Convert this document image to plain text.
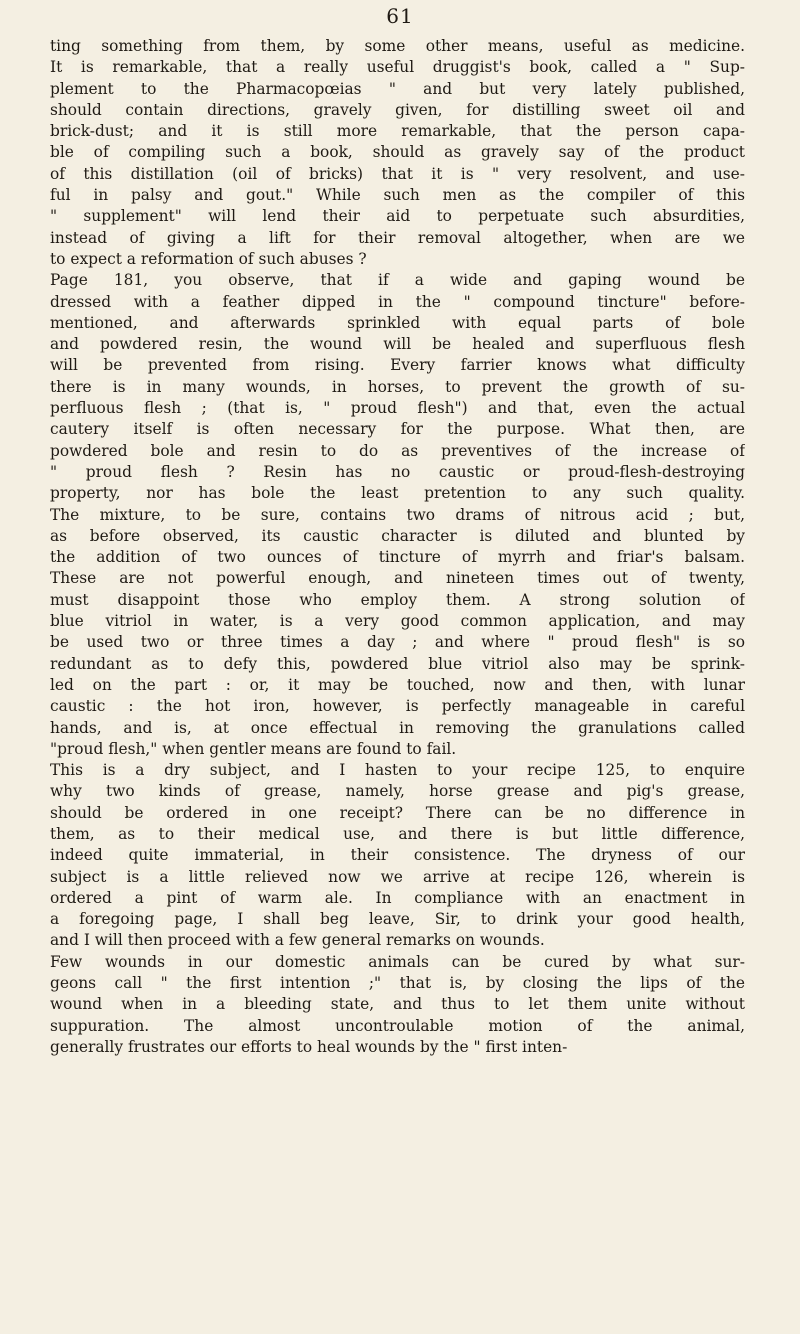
61
ting something from them, by some other means, useful as medicine.
It is remarkable, that a really useful druggist's book, called a " Sup-
plement to the Pharmacopœias " and but very lately published,
should contain directions, gravely given, for distilling sweet oil and
brick-dust; and it is still more remarkable, that the person capa-
ble of compiling such a book, should as gravely say of the product
of this distillation (oil of bricks) that it is " very resolvent, and use-
ful in palsy and gout." While such men as the compiler of this
" supplement" will lend their aid to perpetuate such absurdities,
instead of giving a lift for their removal altogether, when are we
to expect a reformation of such abuses ?
Page 181, you observe, that if a wide and gaping wound be
dressed with a feather dipped in the " compound tincture" before-
mentioned, and afterwards sprinkled with equal parts of bole
and powdered resin, the wound will be healed and superfluous flesh
will be prevented from rising. Every farrier knows what difficulty
there is in many wounds, in horses, to prevent the growth of su-
perfluous flesh ; (that is, " proud flesh") and that, even the actual
cautery itself is often necessary for the purpose. What then, are
powdered bole and resin to do as preventives of the increase of
" proud flesh ? Resin has no caustic or proud-flesh-destroying
property, nor has bole the least pretention to any such quality.
The mixture, to be sure, contains two drams of nitrous acid ; but,
as before observed, its caustic character is diluted and blunted by
the addition of two ounces of tincture of myrrh and friar's balsam.
These are not powerful enough, and nineteen times out of twenty,
must disappoint those who employ them. A strong solution of
blue vitriol in water, is a very good common application, and may
be used two or three times a day ; and where " proud flesh" is so
redundant as to defy this, powdered blue vitriol also may be sprink-
led on the part : or, it may be touched, now and then, with lunar
caustic : the hot iron, however, is perfectly manageable in careful
hands, and is, at once effectual in removing the granulations called
"proud flesh," when gentler means are found to fail.
This is a dry subject, and I hasten to your recipe 125, to enquire
why two kinds of grease, namely, horse grease and pig's grease,
should be ordered in one receipt? There can be no difference in
them, as to their medical use, and there is but little difference,
indeed quite immaterial, in their consistence. The dryness of our
subject is a little relieved now we arrive at recipe 126, wherein is
ordered a pint of warm ale. In compliance with an enactment in
a foregoing page, I shall beg leave, Sir, to drink your good health,
and I will then proceed with a few general remarks on wounds.
Few wounds in our domestic animals can be cured by what sur-
geons call " the first intention ;" that is, by closing the lips of the
wound when in a bleeding state, and thus to let them unite without
suppuration. The almost uncontroulable motion of the animal,
generally frustrates our efforts to heal wounds by the " first inten-
